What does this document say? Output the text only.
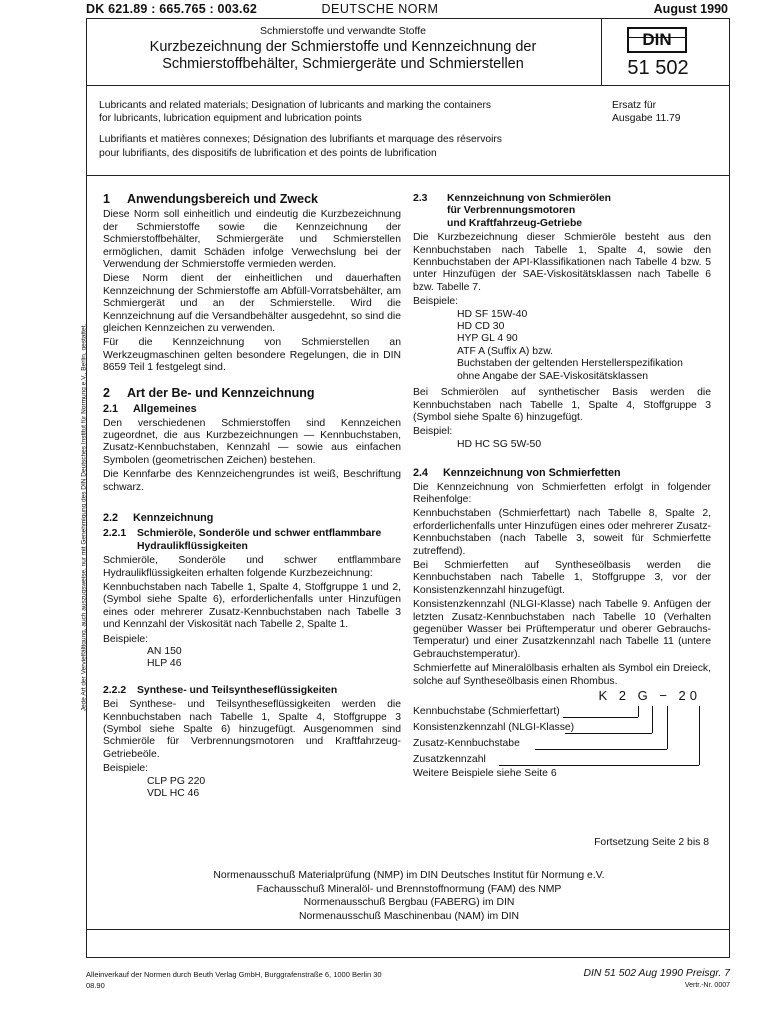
DK 621.89 : 665.765 : 003.62	DEUTSCHE NORM	August 1990
Jede Art der Vervielfältigung, auch auszugsweise, nur mit Genehmigung des DIN Deutsches Institut für Normung e.V., Berlin, gestattet.
Schmierstoffe und verwandte Stoffe
Kurzbezeichnung der Schmierstoffe und Kennzeichnung der
Schmierstoffbehälter, Schmiergeräte und Schmierstellen
DIN
51 502

Lubricants and related materials; Designation of lubricants and marking the containers
for lubricants, lubrication equipment and lubrication points

Lubrifiants et matières connexes; Désignation des lubrifiants et marquage des réservoirs
pour lubrifiants, des dispositifs de lubrification et des points de lubrification

Ersatz für
Ausgabe 11.79
1	Anwendungsbereich und Zweck

Diese Norm soll einheitlich und eindeutig die Kurzbezeichnung der Schmierstoffe sowie die Kennzeichnung der Schmierstoffbehälter, Schmiergeräte und Schmierstellen ermöglichen, damit Schäden infolge Verwechslung bei der Verwendung der Schmierstoffe vermieden werden.

Diese Norm dient der einheitlichen und dauerhaften Kennzeichnung der Schmierstoffe am Abfüll-Vorratsbehälter, am Schmiergerät und an der Schmierstelle. Wird die Kennzeichnung auf die Versandbehälter ausgedehnt, so sind die gleichen Kennzeichen zu verwenden.

Für die Kennzeichnung von Schmierstellen an Werkzeugmaschinen gelten besondere Regelungen, die in DIN 8659 Teil 1 festgelegt sind.

2	Art der Be- und Kennzeichnung
2.1	Allgemeines

Den verschiedenen Schmierstoffen sind Kennzeichen zugeordnet, die aus Kurzbezeichnungen — Kennbuchstaben, Zusatz-Kennbuchstaben, Kennzahl — sowie aus einfachen Symbolen (geometrischen Zeichen) bestehen.

Die Kennfarbe des Kennzeichengrundes ist weiß, Beschriftung schwarz.

2.2	Kennzeichnung
2.2.1	Schmieröle, Sonderöle und schwer entflammbare Hydraulikflüssigkeiten

Schmieröle, Sonderöle und schwer entflammbare Hydraulikflüssigkeiten erhalten folgende Kurzbezeichnung:

Kennbuchstaben nach Tabelle 1, Spalte 4, Stoffgruppe 1 und 2, (Symbol siehe Spalte 6), erforderlichenfalls unter Hinzufügen eines oder mehrerer Zusatz-Kennbuchstaben nach Tabelle 3 und Kennzahl der Viskosität nach Tabelle 2, Spalte 1.

Beispiele:
AN 150
HLP 46
2.2.2	Synthese- und Teilsyntheseflüssigkeiten

Bei Synthese- und Teilsyntheseflüssigkeiten werden die Kennbuchstaben nach Tabelle 1, Spalte 4, Stoffgruppe 3 (Symbol siehe Spalte 6) hinzugefügt. Ausgenommen sind Schmieröle für Verbrennungsmotoren und Kraftfahrzeug-Getriebeöle.

Beispiele:
CLP PG 220
VDL HC 46
2.3	Kennzeichnung von Schmierölen
für Verbrennungsmotoren
und Kraftfahrzeug-Getriebe

Die Kurzbezeichnung dieser Schmieröle besteht aus den Kennbuchstaben nach Tabelle 1, Spalte 4, sowie den Kennbuchstaben der API-Klassifikationen nach Tabelle 4 bzw. 5 unter Hinzufügen der SAE-Viskositätsklassen nach Tabelle 6 bzw. Tabelle 7.

Beispiele:
HD SF 15W-40
HD CD 30
HYP GL 4 90
ATF A (Suffix A) bzw.
Buchstaben der geltenden Herstellerspezifikation
ohne Angabe der SAE-Viskositätsklassen

Bei Schmierölen auf synthetischer Basis werden die Kennbuchstaben nach Tabelle 1, Spalte 4, Stoffgruppe 3 (Symbol siehe Spalte 6) hinzugefügt.

Beispiel:
HD HC SG 5W-50
2.4	Kennzeichnung von Schmierfetten

Die Kennzeichnung von Schmierfetten erfolgt in folgender Reihenfolge:

Kennbuchstaben (Schmierfettart) nach Tabelle 8, Spalte 2, erforderlichenfalls unter Hinzufügen eines oder mehrerer Zusatz-Kennbuchstaben (nach Tabelle 3, soweit für Schmierfette zutreffend).

Bei Schmierfetten auf Syntheseölbasis werden die Kennbuchstaben nach Tabelle 1, Stoffgruppe 3, vor der Konsistenzkennzahl hinzugefügt.

Konsistenzkennzahl (NLGI-Klasse) nach Tabelle 9. Anfügen der letzten Zusatz-Kennbuchstaben nach Tabelle 10 (Verhalten gegenüber Wasser bei Prüftemperatur und oberer Gebrauchs-Temperatur) und einer Zusatzkennzahl nach Tabelle 11 (untere Gebrauchstemperatur).

Schmierfette auf Mineralölbasis erhalten als Symbol ein Dreieck, solche auf Syntheseölbasis einen Rhombus.

K 2 G − 20
Kennbuchstabe (Schmierfettart)
Konsistenzkennzahl (NLGI-Klasse)
Zusatz-Kennbuchstabe
Zusatzkennzahl
Weitere Beispiele siehe Seite 6
Fortsetzung Seite 2 bis 8
Normenausschuß Materialprüfung (NMP) im DIN Deutsches Institut für Normung e.V.
Fachausschuß Mineralöl- und Brennstoffnormung (FAM) des NMP
Normenausschuß Bergbau (FABERG) im DIN
Normenausschuß Maschinenbau (NAM) im DIN
Alleinverkauf der Normen durch Beuth Verlag GmbH, Burggrafenstraße 6, 1000 Berlin 30
08.90
DIN 51 502 Aug 1990 Preisgr. 7
Vertr.-Nr. 0007
